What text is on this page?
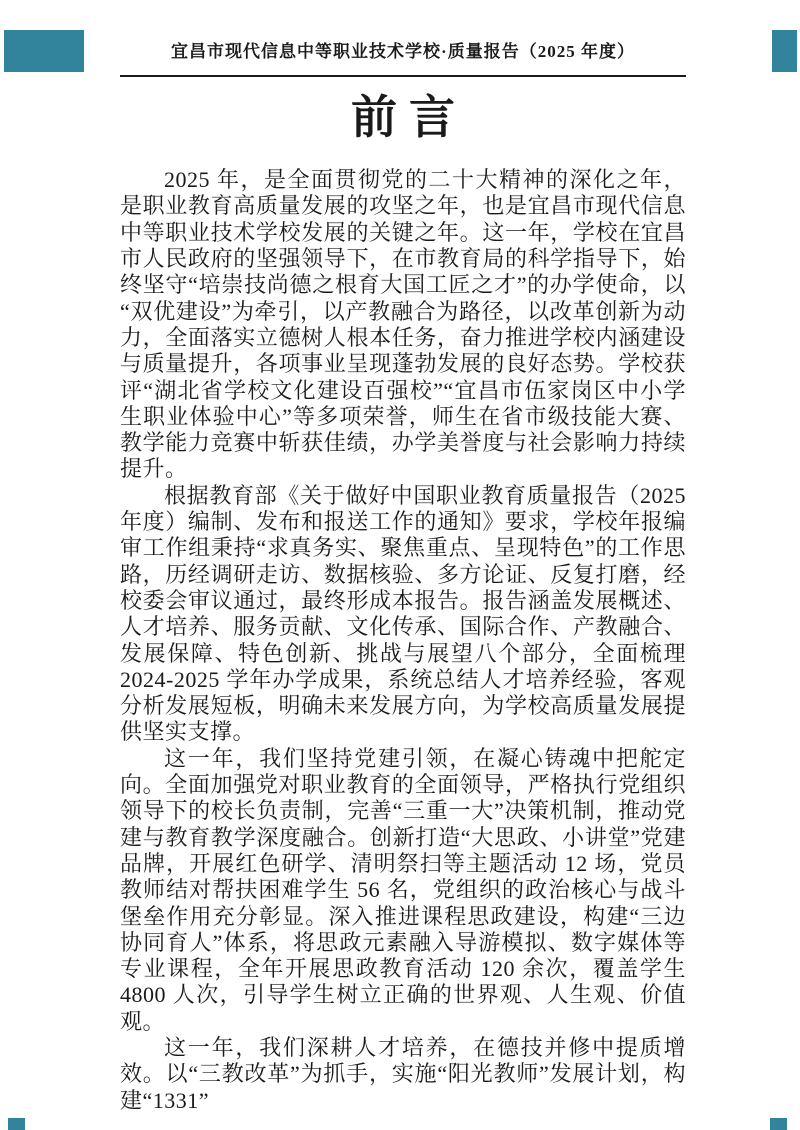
宜昌市现代信息中等职业技术学校·质量报告（2025 年度）
前言

2025 年，是全面贯彻党的二十大精神的深化之年，是职业教育高质量发展的攻坚之年，也是宜昌市现代信息中等职业技术学校发展的关键之年。这一年，学校在宜昌市人民政府的坚强领导下，在市教育局的科学指导下，始终坚守“培崇技尚德之根育大国工匠之才”的办学使命，以“双优建设”为牵引，以产教融合为路径，以改革创新为动力，全面落实立德树人根本任务，奋力推进学校内涵建设与质量提升，各项事业呈现蓬勃发展的良好态势。学校获评“湖北省学校文化建设百强校”“宜昌市伍家岗区中小学生职业体验中心”等多项荣誉，师生在省市级技能大赛、教学能力竞赛中斩获佳绩，办学美誉度与社会影响力持续提升。

根据教育部《关于做好中国职业教育质量报告（2025 年度）编制、发布和报送工作的通知》要求，学校年报编审工作组秉持“求真务实、聚焦重点、呈现特色”的工作思路，历经调研走访、数据核验、多方论证、反复打磨，经校委会审议通过，最终形成本报告。报告涵盖发展概述、人才培养、服务贡献、文化传承、国际合作、产教融合、发展保障、特色创新、挑战与展望八个部分，全面梳理 2024-2025 学年办学成果，系统总结人才培养经验，客观分析发展短板，明确未来发展方向，为学校高质量发展提供坚实支撑。

这一年，我们坚持党建引领，在凝心铸魂中把舵定向。全面加强党对职业教育的全面领导，严格执行党组织领导下的校长负责制，完善“三重一大”决策机制，推动党建与教育教学深度融合。创新打造“大思政、小讲堂”党建品牌，开展红色研学、清明祭扫等主题活动 12 场，党员教师结对帮扶困难学生 56 名，党组织的政治核心与战斗堡垒作用充分彰显。深入推进课程思政建设，构建“三边协同育人”体系，将思政元素融入导游模拟、数字媒体等专业课程，全年开展思政教育活动 120 余次，覆盖学生 4800 人次，引导学生树立正确的世界观、人生观、价值观。

这一年，我们深耕人才培养，在德技并修中提质增效。以“三教改革”为抓手，实施“阳光教师”发展计划，构建“1331”
